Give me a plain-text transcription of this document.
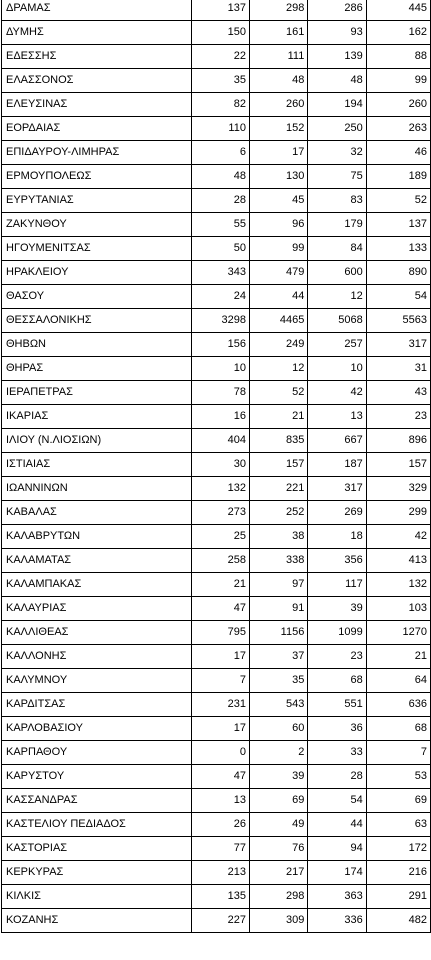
ΔΡΑΜΑΣ	137	298	286	445
ΔΥΜΗΣ	150	161	93	162
ΕΔΕΣΣΗΣ	22	111	139	88
ΕΛΑΣΣΟΝΟΣ	35	48	48	99
ΕΛΕΥΣΙΝΑΣ	82	260	194	260
ΕΟΡΔΑΙΑΣ	110	152	250	263
ΕΠΙΔΑΥΡΟΥ-ΛΙΜΗΡΑΣ	6	17	32	46
ΕΡΜΟΥΠΟΛΕΩΣ	48	130	75	189
ΕΥΡΥΤΑΝΙΑΣ	28	45	83	52
ΖΑΚΥΝΘΟΥ	55	96	179	137
ΗΓΟΥΜΕΝΙΤΣΑΣ	50	99	84	133
ΗΡΑΚΛΕΙΟΥ	343	479	600	890
ΘΑΣΟΥ	24	44	12	54
ΘΕΣΣΑΛΟΝΙΚΗΣ	3298	4465	5068	5563
ΘΗΒΩΝ	156	249	257	317
ΘΗΡΑΣ	10	12	10	31
ΙΕΡΑΠΕΤΡΑΣ	78	52	42	43
ΙΚΑΡΙΑΣ	16	21	13	23
ΙΛΙΟΥ (Ν.ΛΙΟΣΙΩΝ)	404	835	667	896
ΙΣΤΙΑΙΑΣ	30	157	187	157
ΙΩΑΝΝΙΝΩΝ	132	221	317	329
ΚΑΒΑΛΑΣ	273	252	269	299
ΚΑΛΑΒΡΥΤΩΝ	25	38	18	42
ΚΑΛΑΜΑΤΑΣ	258	338	356	413
ΚΑΛΑΜΠΑΚΑΣ	21	97	117	132
ΚΑΛΑΥΡΙΑΣ	47	91	39	103
ΚΑΛΛΙΘΕΑΣ	795	1156	1099	1270
ΚΑΛΛΟΝΗΣ	17	37	23	21
ΚΑΛΥΜΝΟΥ	7	35	68	64
ΚΑΡΔΙΤΣΑΣ	231	543	551	636
ΚΑΡΛΟΒΑΣΙΟΥ	17	60	36	68
ΚΑΡΠΑΘΟΥ	0	2	33	7
ΚΑΡΥΣΤΟΥ	47	39	28	53
ΚΑΣΣΑΝΔΡΑΣ	13	69	54	69
ΚΑΣΤΕΛΙΟΥ ΠΕΔΙΑΔΟΣ	26	49	44	63
ΚΑΣΤΟΡΙΑΣ	77	76	94	172
ΚΕΡΚΥΡΑΣ	213	217	174	216
ΚΙΛΚΙΣ	135	298	363	291
ΚΟΖΑΝΗΣ	227	309	336	482
